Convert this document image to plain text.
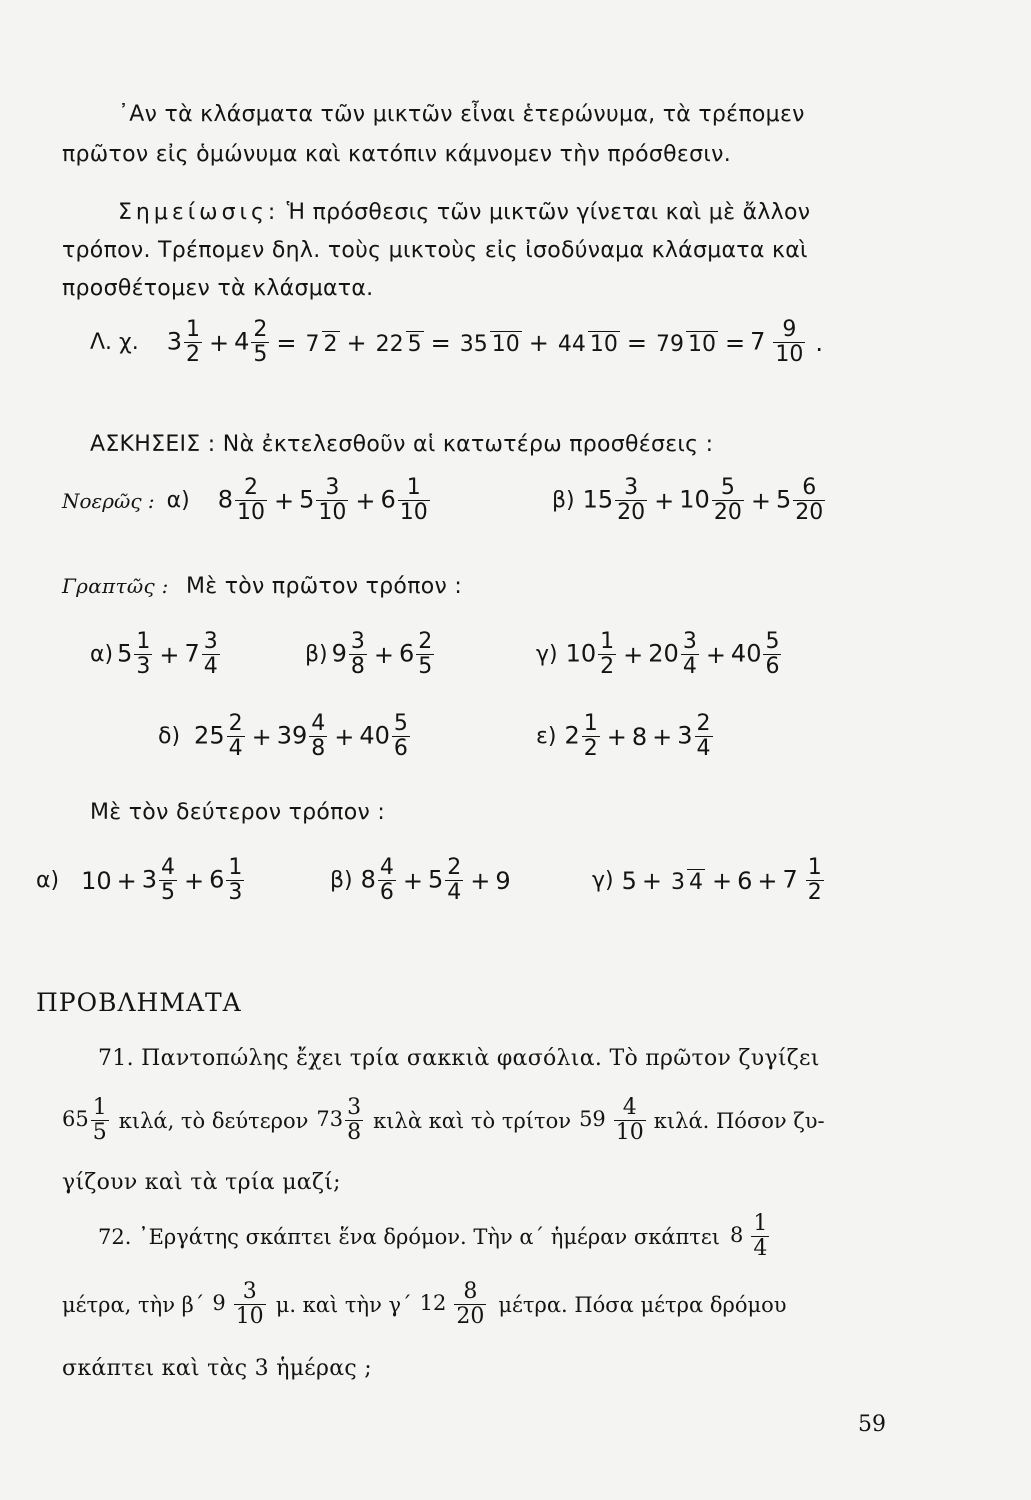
᾿Αν τὰ κλάσματα τῶν μικτῶν εἶναι ἑτερώνυμα, τὰ τρέπομεν
πρῶτον εἰς ὁμώνυμα καὶ κατόπιν κάμνομεν τὴν πρόσθεσιν.
Σημείωσις: Ἡ πρόσθεσις τῶν μικτῶν γίνεται καὶ μὲ ἄλλον
τρόπον. Τρέπομεν δηλ. τοὺς μικτοὺς εἰς ἰσοδύναμα κλάσματα καὶ
προσθέτομεν τὰ κλάσματα.
Λ. χ. $3 \frac{1}{2} + 4 \frac{2}{5} = 7$ 2 + 22 5 = 35 10 + 44 10 = 79 $10 = 7 \frac{9}{10}$ .
ΑΣΚΗΣΕΙΣ : Νὰ ἐκτελεσθοῦν αἱ κατωτέρω προσθέσεις :
Νοερῶς : α) $8 \frac{2}{10} + 5 \frac{3}{10} + 6 \frac{1}{10}$	β) $15 \frac{3}{20} + 10 \frac{5}{20} + 5 \frac{6}{20}$
Γραπτῶς : Μὲ τὸν πρῶτον τρόπον :
α) $5 \frac{1}{3} + 7 \frac{3}{4}$	β) $9 \frac{3}{8} + 6 \frac{2}{5}$	γ) $10 \frac{1}{2} + 20 \frac{3}{4} + 40 \frac{5}{6}$
δ) $25 \frac{2}{4} + 39 \frac{4}{8} + 40 \frac{5}{6}$	ε) $2 \frac{1}{2} + 8 + 3 \frac{2}{4}$
Μὲ τὸν δεύτερον τρόπον :
α) $10 + 3 \frac{4}{5} + 6 \frac{1}{3}$	β) $8 \frac{4}{6} + 5 \frac{2}{4} + 9$	γ) 5 + 3 $4 + 6 + 7 \frac{1}{2}$
ΠΡΟΒΛΗΜΑΤΑ
71. Παντοπώλης ἔχει τρία σακκιὰ φασόλια. Τὸ πρῶτον ζυγίζει
$65 \frac{1}{5} \kappa\iota\lambda ά$, τὸ δεύτερον $73 \frac{3}{8}$ κιλὰ καὶ τὸ τρίτον $59 \frac{4}{10} \kappa\iota\lambda ά$. Πόσον ζυ-
γίζουν καὶ τὰ τρία μαζί;
72. ᾿Εργάτης σκάπτει ἕνα δρόμον. Τὴν α΄ ἡμέραν σκάπτει $8 \frac{1}{4}$
μέτρα, τὴν β΄ $9 \frac{3}{10} \mu$. καὶ τὴν γ΄ $12 \frac{8}{20} \mu έ\tau\rho\alpha$. Πόσα μέτρα δρόμου
σκάπτει καὶ τὰς 3 ἡμέρας ;
59
